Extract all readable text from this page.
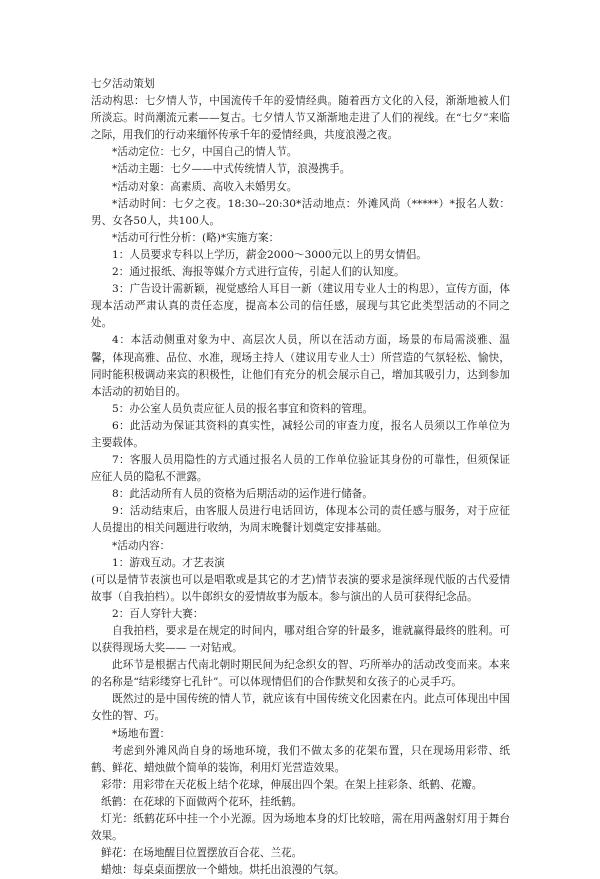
七夕活动策划

活动构思：七夕情人节，中国流传千年的爱情经典。随着西方文化的入侵，渐渐地被人们所淡忘。时尚潮流元素——复古。七夕情人节又渐渐地走进了人们的视线。在“七夕”来临之际，用我们的行动来缅怀传承千年的爱情经典，共度浪漫之夜。

*活动定位：七夕，中国自己的情人节。

*活动主题：七夕——中式传统情人节，浪漫携手。

*活动对象：高素质、高收入未婚男女。

*活动时间：七夕之夜。18:30--20:30*活动地点：外滩风尚（*****）*报名人数：男、女各50人，共100人。

*活动可行性分析：(略)*实施方案：

1：人员要求专科以上学历，薪金2000～3000元以上的男女情侣。

2：通过报纸、海报等媒介方式进行宣传，引起人们的认知度。

3：广告设计需新颖，视觉感给人耳目一新（建议用专业人士的构思），宣传方面，体现本活动严肃认真的责任态度，提高本公司的信任感，展现与其它此类型活动的不同之处。

4：本活动侧重对象为中、高层次人员，所以在活动方面，场景的布局需淡雅、温馨，体现高雅、品位、水准，现场主持人（建议用专业人士）所营造的气氛轻松、愉快，同时能积极调动来宾的积极性，让他们有充分的机会展示自己，增加其吸引力，达到参加本活动的初始目的。

5：办公室人员负责应征人员的报名事宜和资料的管理。

6：此活动为保证其资料的真实性，减轻公司的审查力度，报名人员须以工作单位为主要载体。

7：客服人员用隐性的方式通过报名人员的工作单位验证其身份的可靠性，但须保证应征人员的隐私不泄露。

8：此活动所有人员的资格为后期活动的运作进行储备。

9：活动结束后，由客服人员进行电话回访，体现本公司的责任感与服务，对于应征人员提出的相关问题进行收纳，为周末晚餐计划奠定安排基础。

*活动内容：

1：游戏互动。才艺表演

(可以是情节表演也可以是唱歌或是其它的才艺)情节表演的要求是演绎现代版的古代爱情故事（自我拍档）。以牛郎织女的爱情故事为版本。参与演出的人员可获得纪念品。

2：百人穿针大赛：

自我拍档，要求是在规定的时间内，哪对组合穿的针最多，谁就赢得最终的胜利。可以获得现场大奖—— 一对钻戒。

此环节是根据古代南北朝时期民间为纪念织女的智、巧所举办的活动改变而来。本来的名称是“结彩缕穿七孔针”。可以体现情侣们的合作默契和女孩子的心灵手巧。

既然过的是中国传统的情人节，就应该有中国传统文化因素在内。此点可体现出中国女性的智、巧。

*场地布置：

考虑到外滩风尚自身的场地环境，我们不做太多的花架布置，只在现场用彩带、纸鹤、鲜花、蜡烛做个简单的装饰，利用灯光营造效果。

彩带：用彩带在天花板上结个花球，伸展出四个架。在架上挂彩条、纸鹤、花瓣。

纸鹤：在花球的下面做两个花环，挂纸鹤。

灯光：纸鹤花环中挂一个小光源。因为场地本身的灯比较暗，需在用两盏射灯用于舞台效果。

鲜花：在场地醒目位置摆放百合花、兰花。

蜡烛：每桌桌面摆放一个蜡烛。烘托出浪漫的气氛。
